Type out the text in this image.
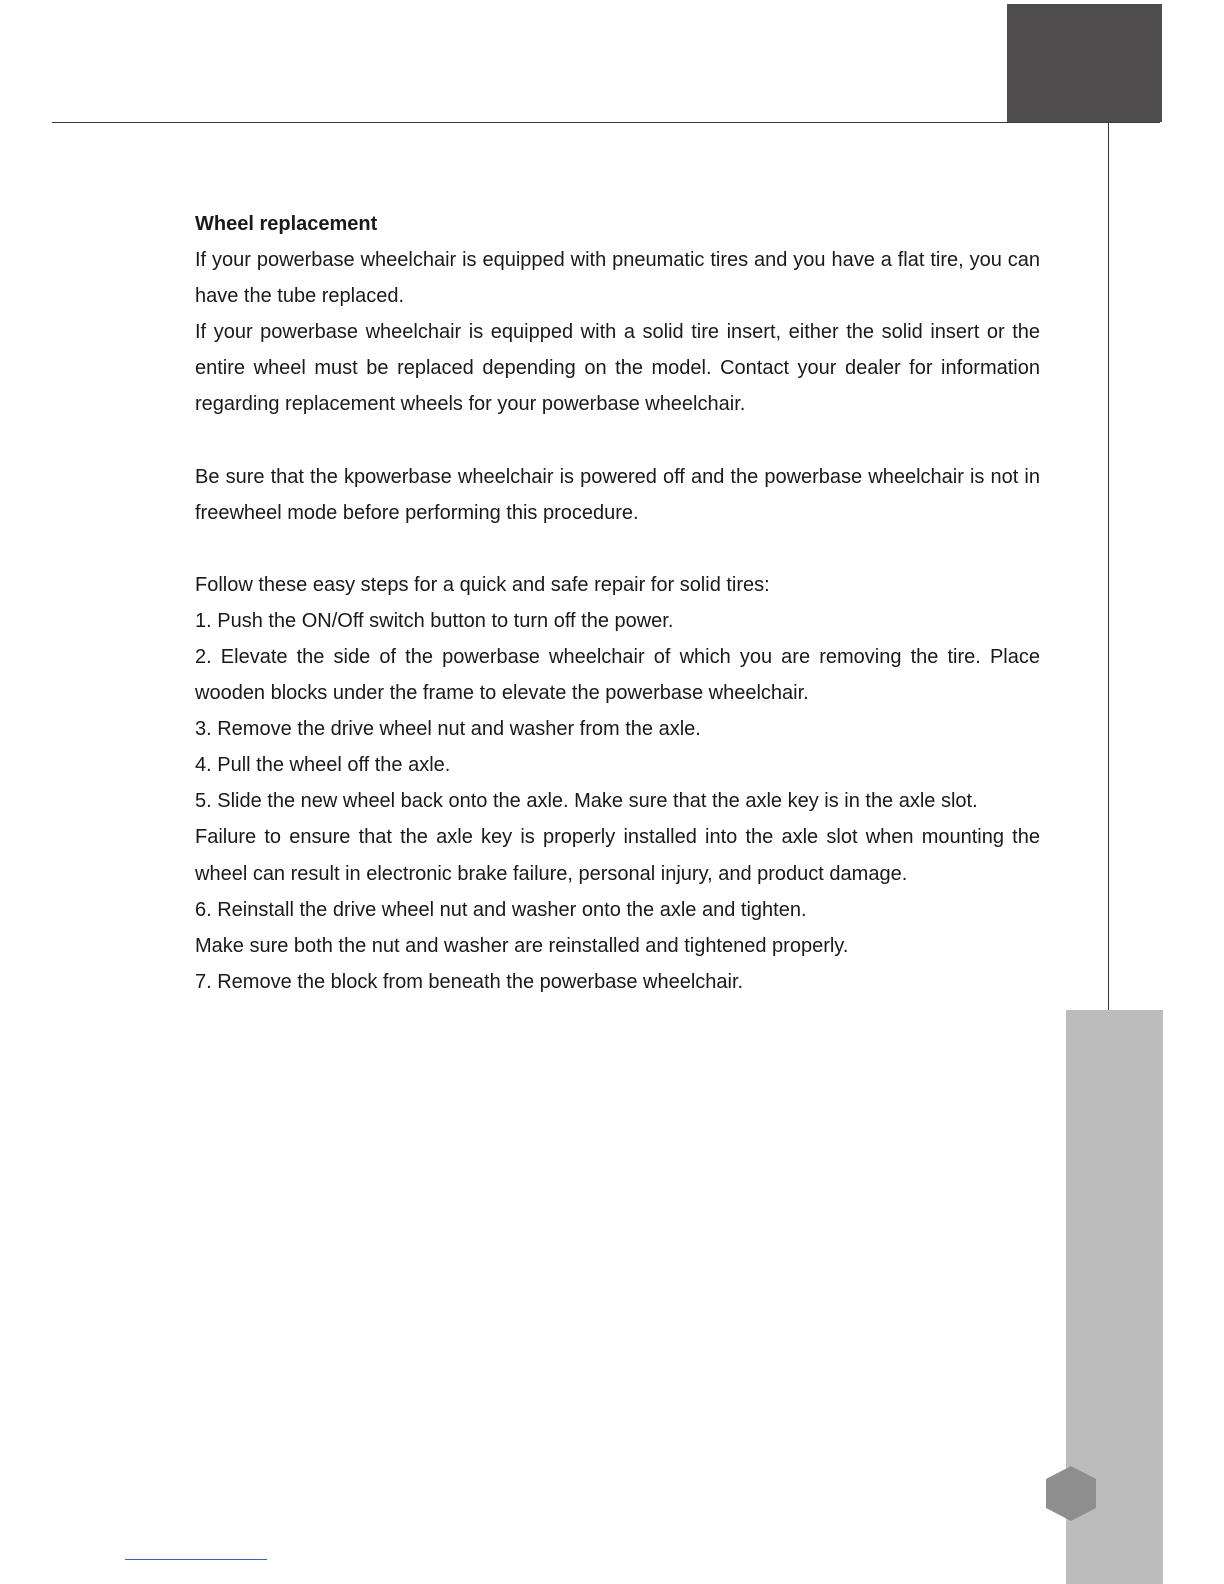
Wheel replacement

If your powerbase wheelchair is equipped with pneumatic tires and you have a flat tire, you can have the tube replaced.

If your powerbase wheelchair is equipped with a solid tire insert, either the solid insert or the entire wheel must be replaced depending on the model. Contact your dealer for information regarding replacement wheels for your powerbase wheelchair.

Be sure that the kpowerbase wheelchair is powered off and the powerbase wheelchair is not in freewheel mode before performing this procedure.

Follow these easy steps for a quick and safe repair for solid tires:

1. Push the ON/Off switch button to turn off the power.

2. Elevate the side of the powerbase wheelchair of which you are removing the tire. Place wooden blocks under the frame to elevate the powerbase wheelchair.

3. Remove the drive wheel nut and washer from the axle.

4. Pull the wheel off the axle.

5. Slide the new wheel back onto the axle. Make sure that the axle key is in the axle slot.

Failure to ensure that the axle key is properly installed into the axle slot when mounting the wheel can result in electronic brake failure, personal injury, and product damage.

6. Reinstall the drive wheel nut and washer onto the axle and tighten.

Make sure both the nut and washer are reinstalled and tightened properly.

7. Remove the block from beneath the powerbase wheelchair.
